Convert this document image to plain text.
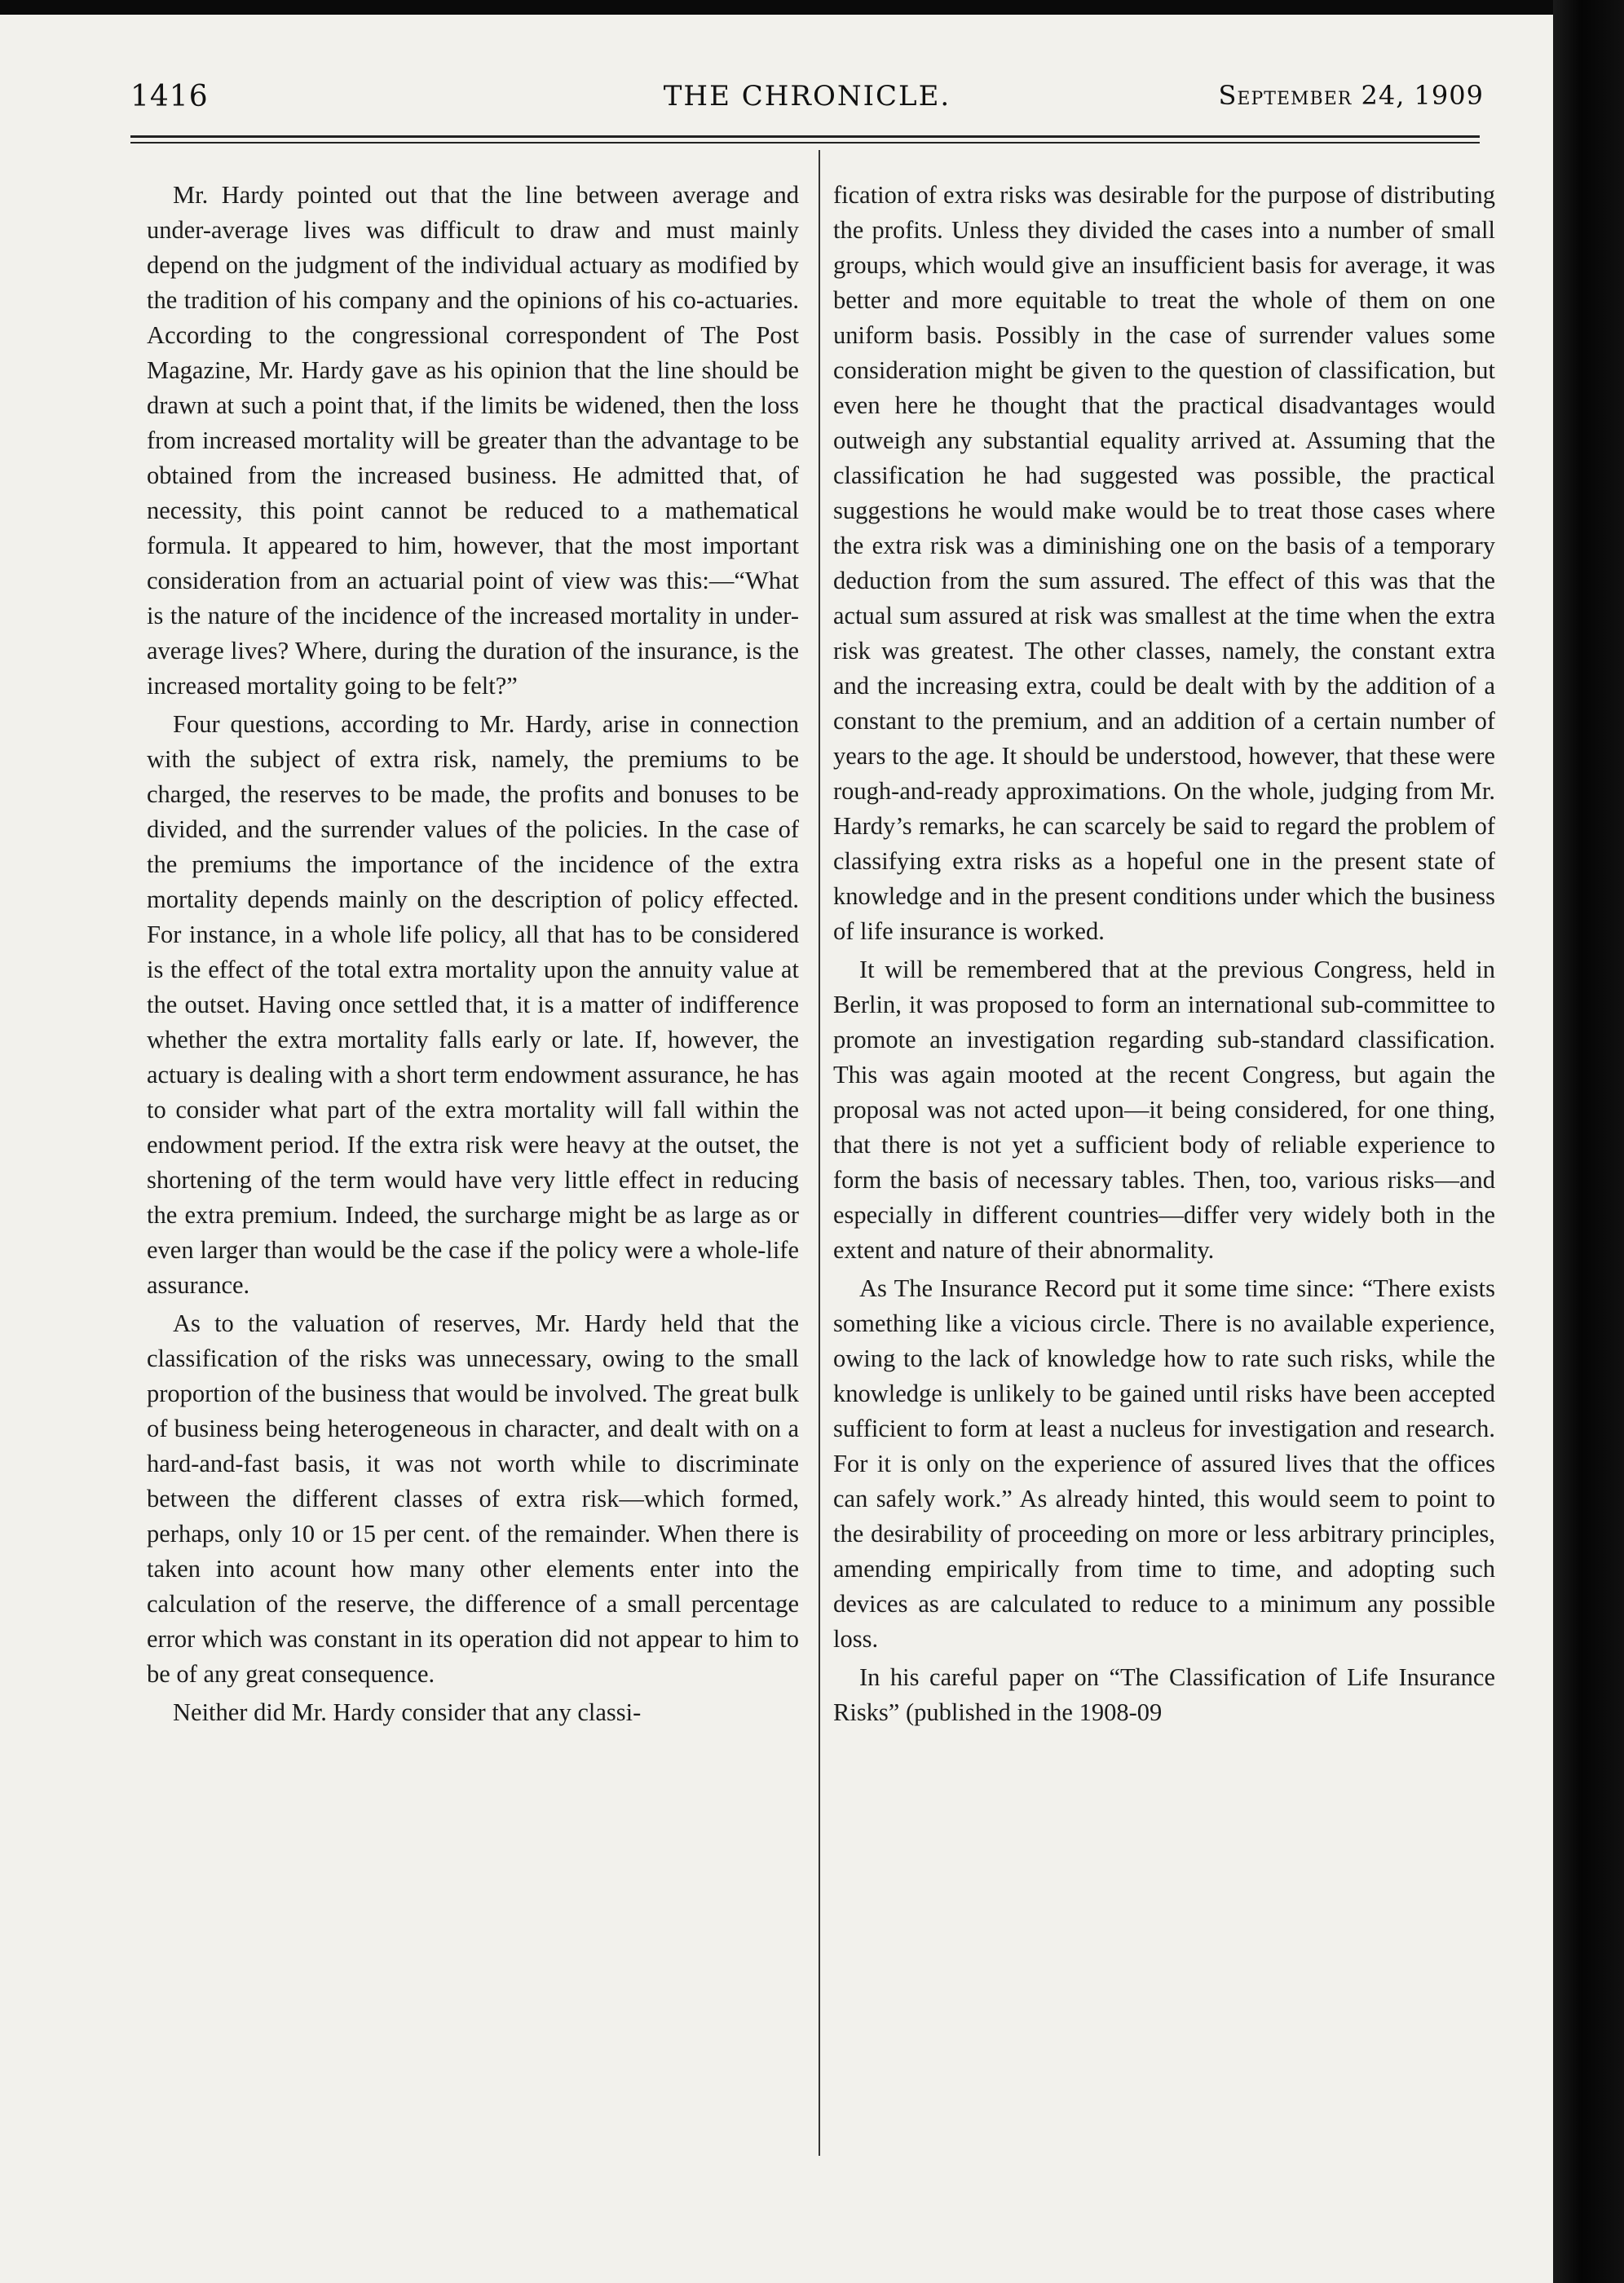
1416	THE CHRONICLE.	September 24, 1909

Mr. Hardy pointed out that the line between average and under-average lives was difficult to draw and must mainly depend on the judgment of the individual actuary as modified by the tradition of his company and the opinions of his co-actuaries. According to the congressional correspondent of The Post Magazine, Mr. Hardy gave as his opinion that the line should be drawn at such a point that, if the limits be widened, then the loss from increased mortality will be greater than the advantage to be obtained from the increased business. He admitted that, of necessity, this point cannot be reduced to a mathematical formula. It appeared to him, however, that the most important consideration from an actuarial point of view was this:—“What is the nature of the incidence of the increased mortality in under-average lives? Where, during the duration of the insurance, is the increased mortality going to be felt?”

Four questions, according to Mr. Hardy, arise in connection with the subject of extra risk, namely, the premiums to be charged, the reserves to be made, the profits and bonuses to be divided, and the surrender values of the policies. In the case of the premiums the importance of the incidence of the extra mortality depends mainly on the description of policy effected. For instance, in a whole life policy, all that has to be considered is the effect of the total extra mortality upon the annuity value at the outset. Having once settled that, it is a matter of indifference whether the extra mortality falls early or late. If, however, the actuary is dealing with a short term endowment assurance, he has to consider what part of the extra mortality will fall within the endowment period. If the extra risk were heavy at the outset, the shortening of the term would have very little effect in reducing the extra premium. Indeed, the surcharge might be as large as or even larger than would be the case if the policy were a whole-life assurance.

As to the valuation of reserves, Mr. Hardy held that the classification of the risks was unnecessary, owing to the small proportion of the business that would be involved. The great bulk of business being heterogeneous in character, and dealt with on a hard-and-fast basis, it was not worth while to discriminate between the different classes of extra risk—which formed, perhaps, only 10 or 15 per cent. of the remainder. When there is taken into acount how many other elements enter into the calculation of the reserve, the difference of a small percentage error which was constant in its operation did not appear to him to be of any great consequence.

Neither did Mr. Hardy consider that any classi-

fication of extra risks was desirable for the purpose of distributing the profits. Unless they divided the cases into a number of small groups, which would give an insufficient basis for average, it was better and more equitable to treat the whole of them on one uniform basis. Possibly in the case of surrender values some consideration might be given to the question of classification, but even here he thought that the practical disadvantages would outweigh any substantial equality arrived at. Assuming that the classification he had suggested was possible, the practical suggestions he would make would be to treat those cases where the extra risk was a diminishing one on the basis of a temporary deduction from the sum assured. The effect of this was that the actual sum assured at risk was smallest at the time when the extra risk was greatest. The other classes, namely, the constant extra and the increasing extra, could be dealt with by the addition of a constant to the premium, and an addition of a certain number of years to the age. It should be understood, however, that these were rough-and-ready approximations. On the whole, judging from Mr. Hardy’s remarks, he can scarcely be said to regard the problem of classifying extra risks as a hopeful one in the present state of knowledge and in the present conditions under which the business of life insurance is worked.

It will be remembered that at the previous Congress, held in Berlin, it was proposed to form an international sub-committee to promote an investigation regarding sub-standard classification. This was again mooted at the recent Congress, but again the proposal was not acted upon—it being considered, for one thing, that there is not yet a sufficient body of reliable experience to form the basis of necessary tables. Then, too, various risks—and especially in different countries—differ very widely both in the extent and nature of their abnormality.

As The Insurance Record put it some time since: “There exists something like a vicious circle. There is no available experience, owing to the lack of knowledge how to rate such risks, while the knowledge is unlikely to be gained until risks have been accepted sufficient to form at least a nucleus for investigation and research. For it is only on the experience of assured lives that the offices can safely work.” As already hinted, this would seem to point to the desirability of proceeding on more or less arbitrary principles, amending empirically from time to time, and adopting such devices as are calculated to reduce to a minimum any possible loss.

In his careful paper on “The Classification of Life Insurance Risks” (published in the 1908-09
